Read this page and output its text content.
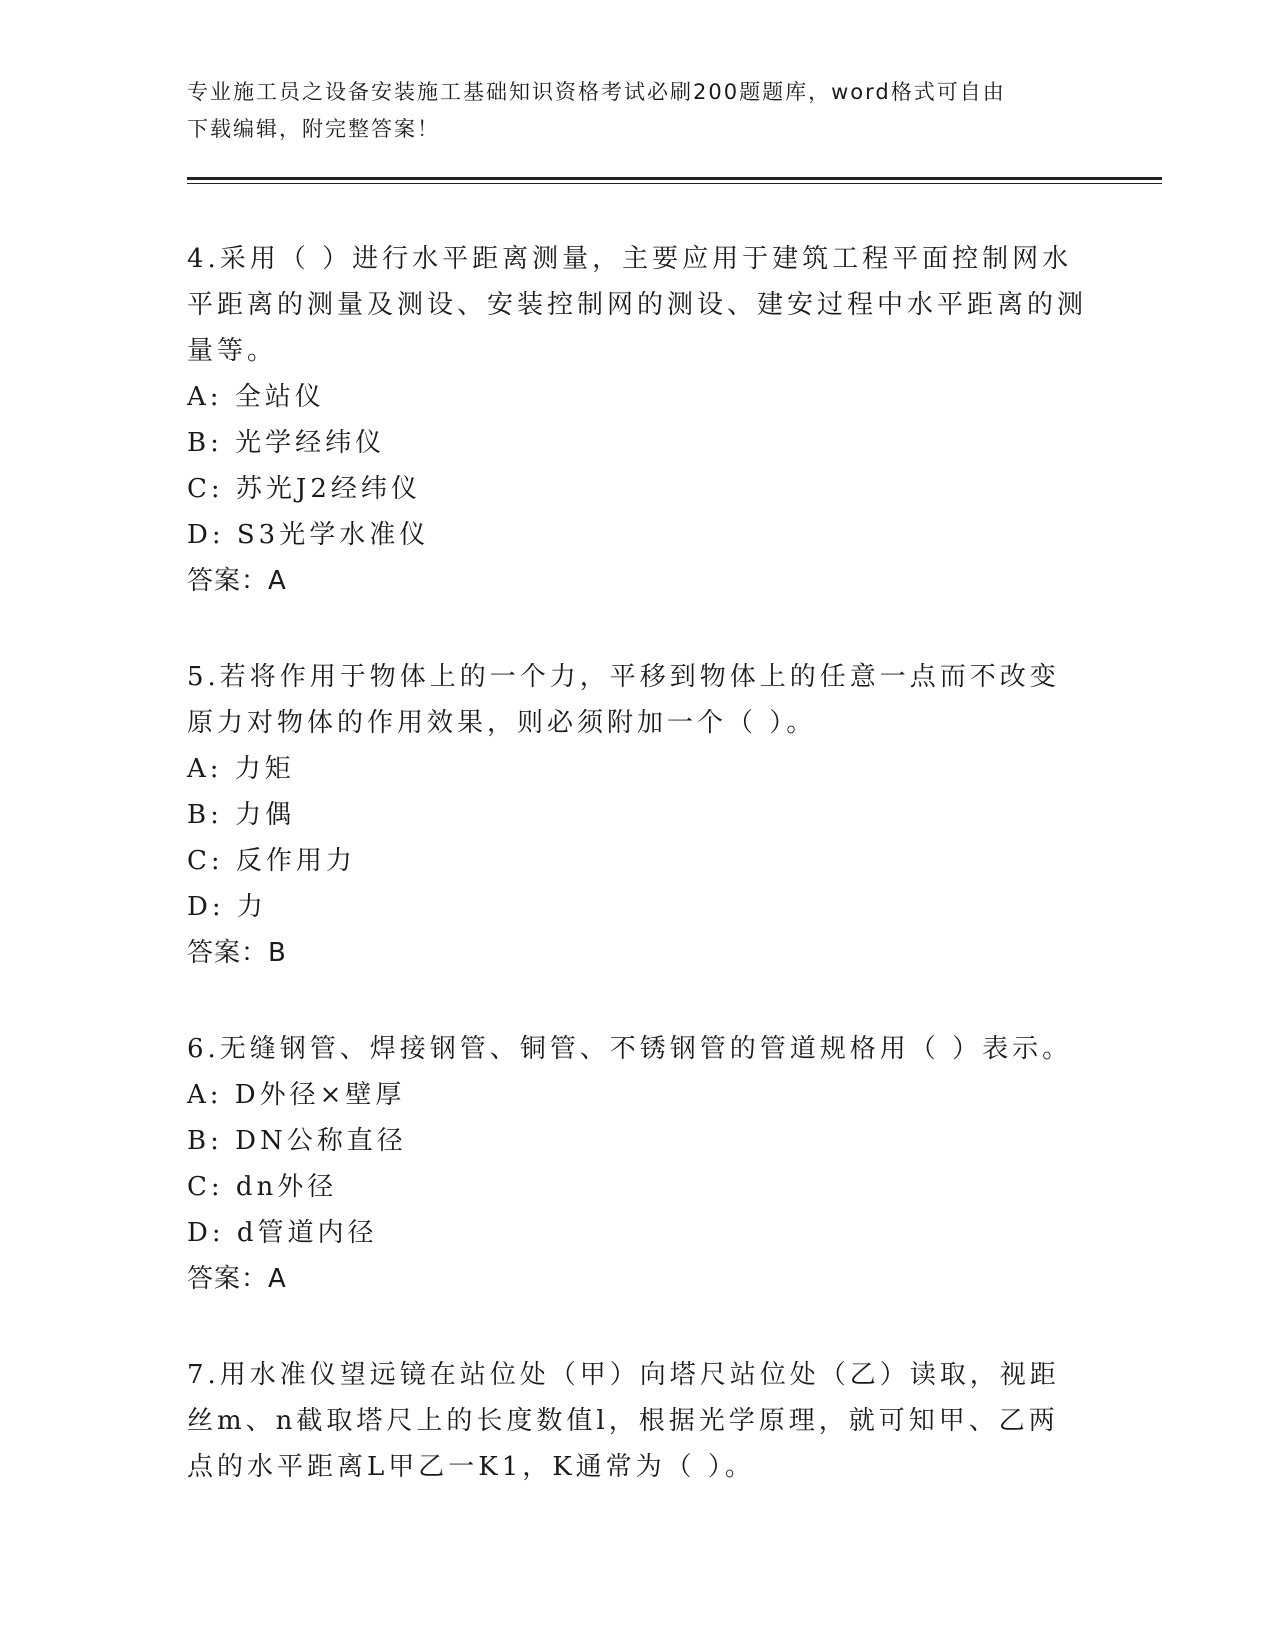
专业施工员之设备安装施工基础知识资格考试必刷200题题库，word格式可自由
下载编辑，附完整答案！

4.采用（ ）进行水平距离测量，主要应用于建筑工程平面控制网水平距离的测量及测设、安装控制网的测设、建安过程中水平距离的测量等。

A: 全站仪

B: 光学经纬仪

C: 苏光J2经纬仪

D: S3光学水准仪

答案：A

5.若将作用于物体上的一个力，平移到物体上的任意一点而不改变原力对物体的作用效果，则必须附加一个（ ）。

A: 力矩

B: 力偶

C: 反作用力

D: 力

答案：B

6.无缝钢管、焊接钢管、铜管、不锈钢管的管道规格用（ ）表示。

A: D外径×壁厚

B: DN公称直径

C: dn外径

D: d管道内径

答案：A

7.用水准仪望远镜在站位处（甲）向塔尺站位处（乙）读取，视距丝m、n截取塔尺上的长度数值l，根据光学原理，就可知甲、乙两点的水平距离L甲乙一K1，K通常为（ ）。
